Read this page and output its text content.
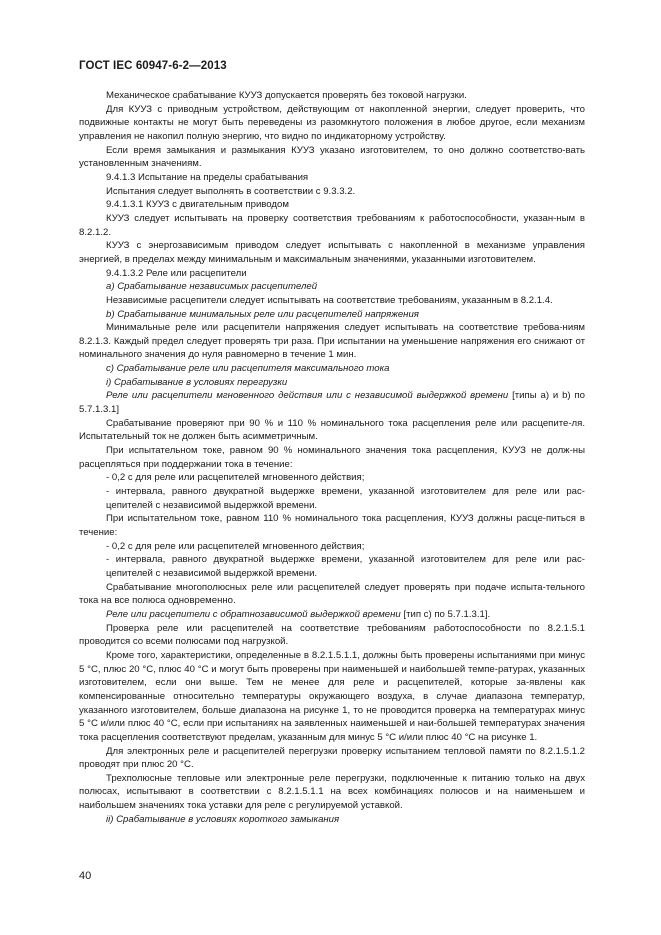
ГОСТ IEC 60947-6-2—2013

Механическое срабатывание КУУЗ допускается проверять без токовой нагрузки.

Для КУУЗ с приводным устройством, действующим от накопленной энергии, следует проверить, что подвижные контакты не могут быть переведены из разомкнутого положения в любое другое, если механизм управления не накопил полную энергию, что видно по индикаторному устройству.

Если время замыкания и размыкания КУУЗ указано изготовителем, то оно должно соответство-вать установленным значениям.

9.4.1.3 Испытание на пределы срабатывания

Испытания следует выполнять в соответствии с 9.3.3.2.

9.4.1.3.1 КУУЗ с двигательным приводом

КУУЗ следует испытывать на проверку соответствия требованиям к работоспособности, указан-ным в 8.2.1.2.

КУУЗ с энергозависимым приводом следует испытывать с накопленной в механизме управления энергией, в пределах между минимальным и максимальным значениями, указанными изготовителем.

9.4.1.3.2 Реле или расцепители

a) Срабатывание независимых расцепителей

Независимые расцепители следует испытывать на соответствие требованиям, указанным в 8.2.1.4.

b) Срабатывание минимальных реле или расцепителей напряжения

Минимальные реле или расцепители напряжения следует испытывать на соответствие требова-ниям 8.2.1.3. Каждый предел следует проверять три раза. При испытании на уменьшение напряжения его снижают от номинального значения до нуля равномерно в течение 1 мин.

c) Срабатывание реле или расцепителя максимального тока

i) Срабатывание в условиях перегрузки

Реле или расцепители мгновенного действия или с независимой выдержкой времени [типы a) и b) по 5.7.1.3.1]

Срабатывание проверяют при 90 % и 110 % номинального тока расцепления реле или расцепите-ля. Испытательный ток не должен быть асимметричным.

При испытательном токе, равном 90 % номинального значения тока расцепления, КУУЗ не долж-ны расцепляться при поддержании тока в течение:

- 0,2 с для реле или расцепителей мгновенного действия;

- интервала, равного двукратной выдержке времени, указанной изготовителем для реле или рас-цепителей с независимой выдержкой времени.

При испытательном токе, равном 110 % номинального тока расцепления, КУУЗ должны расце-питься в течение:

- 0,2 с для реле или расцепителей мгновенного действия;

- интервала, равного двукратной выдержке времени, указанной изготовителем для реле или рас-цепителей с независимой выдержкой времени.

Срабатывание многополюсных реле или расцепителей следует проверять при подаче испыта-тельного тока на все полюса одновременно.

Реле или расцепители с обратнозависимой выдержкой времени [тип c) по 5.7.1.3.1].

Проверка реле или расцепителей на соответствие требованиям работоспособности по 8.2.1.5.1 проводится со всеми полюсами под нагрузкой.

Кроме того, характеристики, определенные в 8.2.1.5.1.1, должны быть проверены испытаниями при минус 5 °C, плюс 20 °C, плюс 40 °C и могут быть проверены при наименьшей и наибольшей темпе-ратурах, указанных изготовителем, если они выше. Тем не менее для реле и расцепителей, которые за-явлены как компенсированные относительно температуры окружающего воздуха, в случае диапазона температур, указанного изготовителем, больше диапазона на рисунке 1, то не проводится проверка на температурах минус 5 °C и/или плюс 40 °C, если при испытаниях на заявленных наименьшей и наи-большей температурах значения тока расцепления соответствуют пределам, указанным для минус 5 °C и/или плюс 40 °C на рисунке 1.

Для электронных реле и расцепителей перегрузки проверку испытанием тепловой памяти по 8.2.1.5.1.2 проводят при плюс 20 °C.

Трехполюсные тепловые или электронные реле перегрузки, подключенные к питанию только на двух полюсах, испытывают в соответствии с 8.2.1.5.1.1 на всех комбинациях полюсов и на наименьшем и наибольшем значениях тока уставки для реле с регулируемой уставкой.

ii) Срабатывание в условиях короткого замыкания

40
